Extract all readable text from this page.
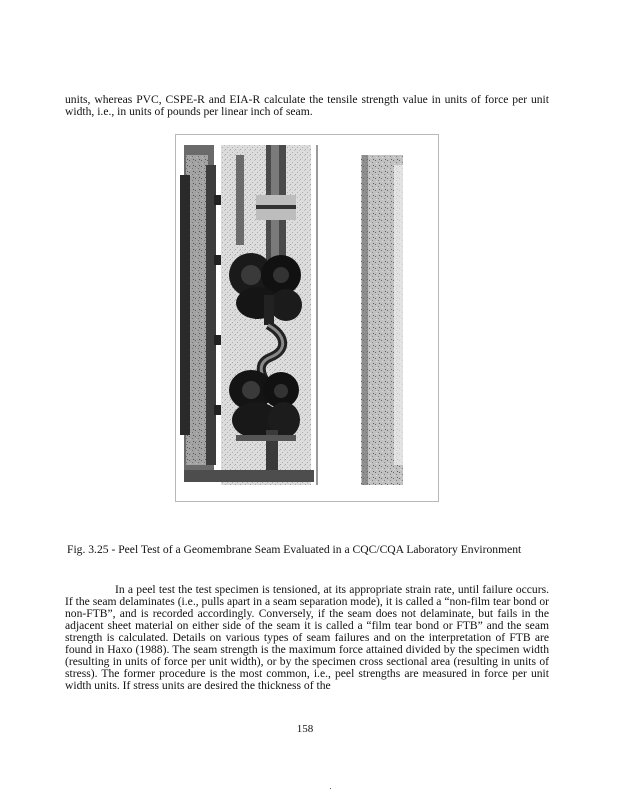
units, whereas PVC, CSPE-R and EIA-R calculate the tensile strength value in units of force per unit width, i.e., in units of pounds per linear inch of seam.

Fig. 3.25 - Peel Test of a Geomembrane Seam Evaluated in a CQC/CQA Laboratory Environment

In a peel test the test specimen is tensioned, at its appropriate strain rate, until failure occurs. If the seam delaminates (i.e., pulls apart in a seam separation mode), it is called a “non-film tear bond or non-FTB”, and is recorded accordingly. Conversely, if the seam does not delaminate, but fails in the adjacent sheet material on either side of the seam it is called a “film tear bond or FTB” and the seam strength is calculated. Details on various types of seam failures and on the interpretation of FTB are found in Haxo (1988). The seam strength is the maximum force attained divided by the specimen width (resulting in units of force per unit width), or by the specimen cross sectional area (resulting in units of stress). The former procedure is the most common, i.e., peel strengths are measured in force per unit width units. If stress units are desired the thickness of the

158
